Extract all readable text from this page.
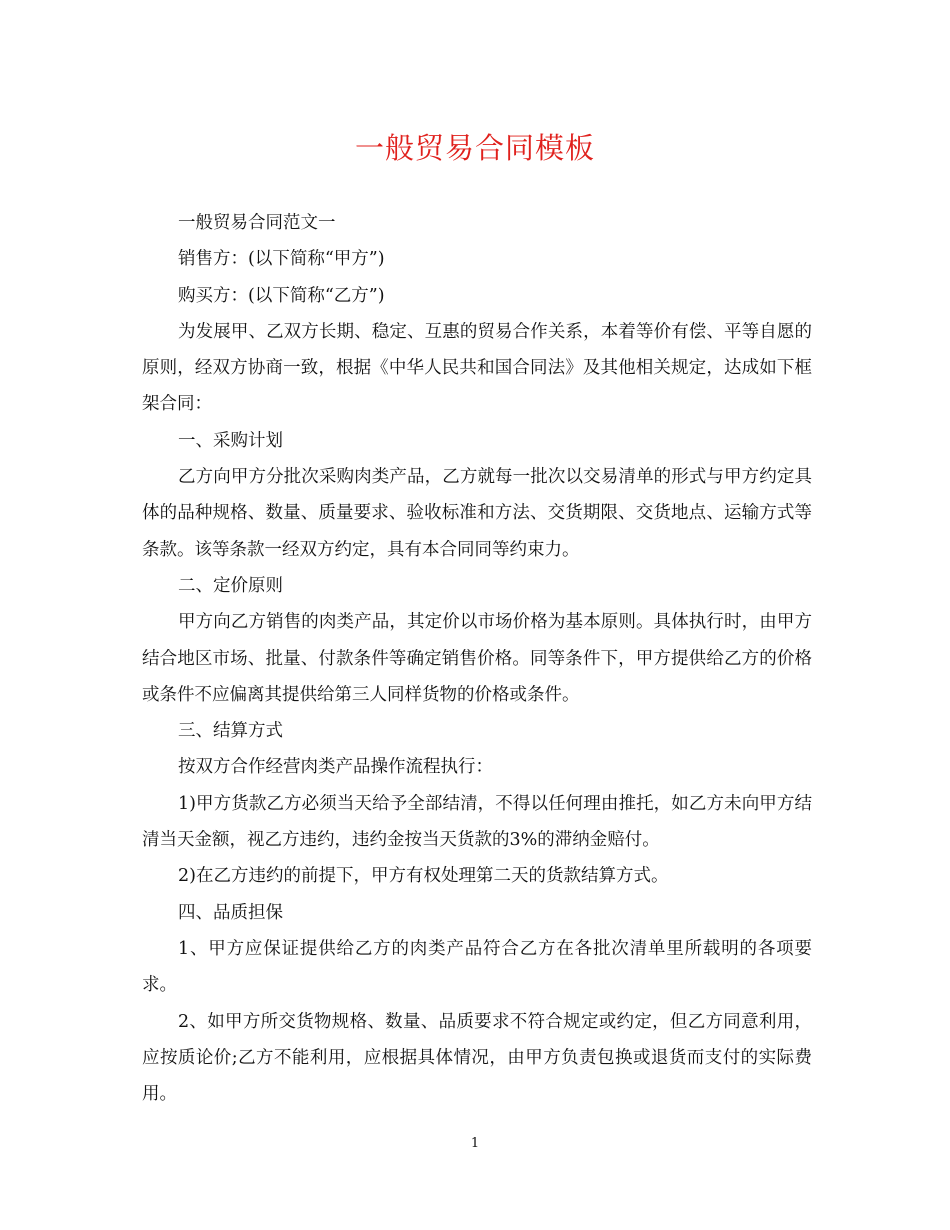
一般贸易合同模板

一般贸易合同范文一

销售方：(以下简称“甲方”)

购买方：(以下简称“乙方”)

为发展甲、乙双方长期、稳定、互惠的贸易合作关系，本着等价有偿、平等自愿的原则，经双方协商一致，根据《中华人民共和国合同法》及其他相关规定，达成如下框架合同：

一、采购计划

乙方向甲方分批次采购肉类产品，乙方就每一批次以交易清单的形式与甲方约定具体的品种规格、数量、质量要求、验收标准和方法、交货期限、交货地点、运输方式等条款。该等条款一经双方约定，具有本合同同等约束力。

二、定价原则

甲方向乙方销售的肉类产品，其定价以市场价格为基本原则。具体执行时，由甲方结合地区市场、批量、付款条件等确定销售价格。同等条件下，甲方提供给乙方的价格或条件不应偏离其提供给第三人同样货物的价格或条件。

三、结算方式

按双方合作经营肉类产品操作流程执行：

1)甲方货款乙方必须当天给予全部结清，不得以任何理由推托，如乙方未向甲方结清当天金额，视乙方违约，违约金按当天货款的3%的滞纳金赔付。

2)在乙方违约的前提下，甲方有权处理第二天的货款结算方式。

四、品质担保

1、甲方应保证提供给乙方的肉类产品符合乙方在各批次清单里所载明的各项要求。

2、如甲方所交货物规格、数量、品质要求不符合规定或约定，但乙方同意利用，应按质论价;乙方不能利用，应根据具体情况，由甲方负责包换或退货而支付的实际费用。

1
